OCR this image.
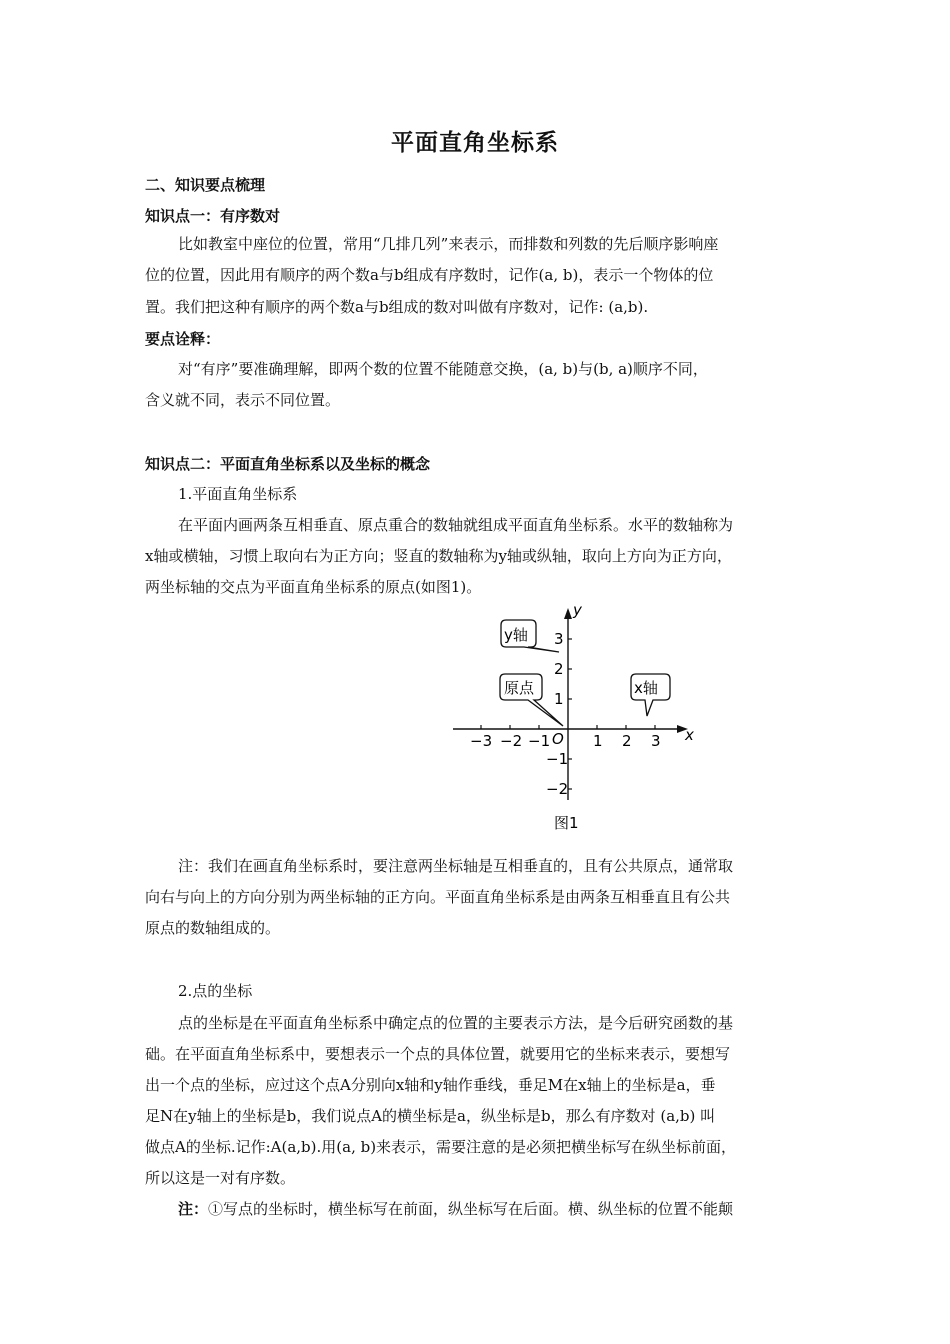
平面直角坐标系
二、知识要点梳理
知识点一：有序数对
比如教室中座位的位置，常用“几排几列”来表示，而排数和列数的先后顺序影响座
位的位置，因此用有顺序的两个数a与b组成有序数时，记作(a, b)，表示一个物体的位
置。我们把这种有顺序的两个数a与b组成的数对叫做有序数对，记作: (a,b).
要点诠释：
对“有序”要准确理解，即两个数的位置不能随意交换，(a, b)与(b, a)顺序不同，
含义就不同，表示不同位置。
知识点二：平面直角坐标系以及坐标的概念
1.平面直角坐标系
在平面内画两条互相垂直、原点重合的数轴就组成平面直角坐标系。水平的数轴称为
x轴或横轴，习惯上取向右为正方向；竖直的数轴称为y轴或纵轴，取向上方向为正方向，
两坐标轴的交点为平面直角坐标系的原点(如图1)。
−3 −2 −1	1 2 3
3
2
1
−1
−2
x
y
O
y轴
原点	x轴
图1
注：我们在画直角坐标系时，要注意两坐标轴是互相垂直的，且有公共原点，通常取
向右与向上的方向分别为两坐标轴的正方向。平面直角坐标系是由两条互相垂直且有公共
原点的数轴组成的。
2.点的坐标
点的坐标是在平面直角坐标系中确定点的位置的主要表示方法，是今后研究函数的基
础。在平面直角坐标系中，要想表示一个点的具体位置，就要用它的坐标来表示，要想写
出一个点的坐标，应过这个点A分别向x轴和y轴作垂线，垂足M在x轴上的坐标是a，垂
足N在y轴上的坐标是b，我们说点A的横坐标是a，纵坐标是b，那么有序数对 (a,b) 叫
做点A的坐标.记作:A(a,b).用(a, b)来表示，需要注意的是必须把横坐标写在纵坐标前面，
所以这是一对有序数。
注：①写点的坐标时，横坐标写在前面，纵坐标写在后面。横、纵坐标的位置不能颠
